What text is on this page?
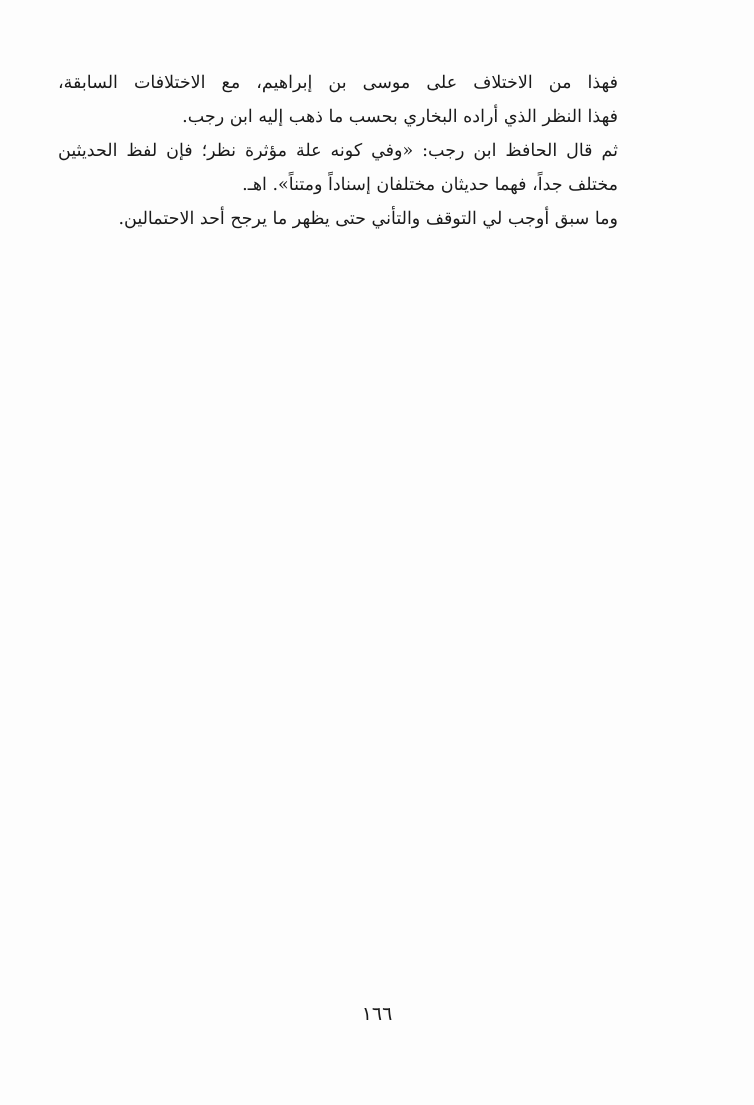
فهذا من الاختلاف على موسى بن إبراهيم، مع الاختلافات السابقة،
فهذا النظر الذي أراده البخاري بحسب ما ذهب إليه ابن رجب.
ثم قال الحافظ ابن رجب: «وفي كونه علة مؤثرة نظر؛ فإن لفظ الحديثين
مختلف جداً، فهما حديثان مختلفان إسناداً ومتناً». اهـ.
وما سبق أوجب لي التوقف والتأني حتى يظهر ما يرجح أحد الاحتمالين.
١٦٦
